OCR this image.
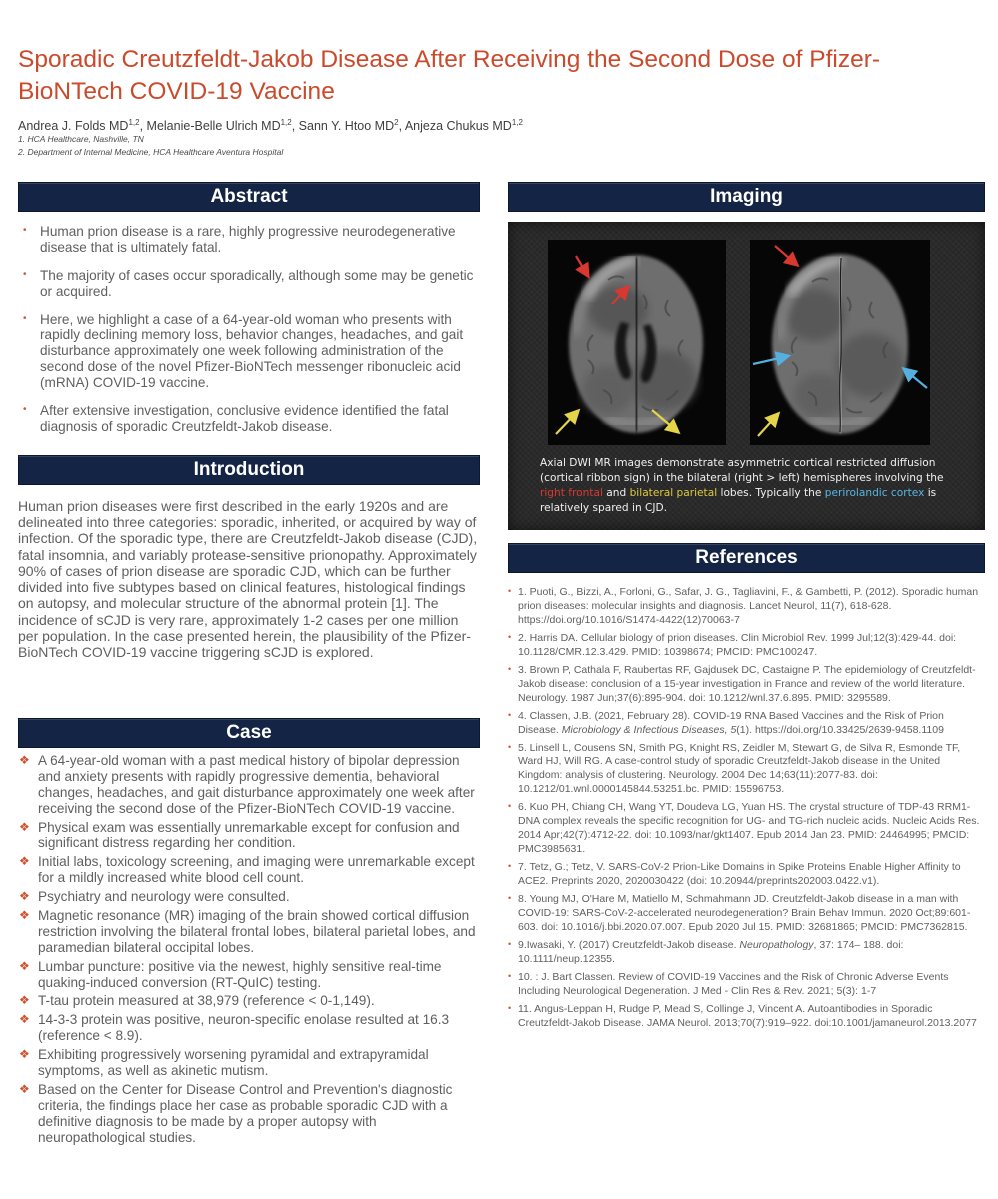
Sporadic Creutzfeldt-Jakob Disease After Receiving the Second Dose of Pfizer-BioNTech COVID-19 Vaccine
Andrea J. Folds MD$^{1,2}$, Melanie-Belle Ulrich MD$^{1,2}$, Sann Y. Htoo $MD^2$, Anjeza Chukus MD$^{1,2}$
1. HCA Healthcare, Nashville, TN
2. Department of Internal Medicine, HCA Healthcare Aventura Hospital
Abstract
• Human prion disease is a rare, highly progressive neurodegenerative disease that is ultimately fatal.
• The majority of cases occur sporadically, although some may be genetic or acquired.
• Here, we highlight a case of a 64-year-old woman who presents with rapidly declining memory loss, behavior changes, headaches, and gait disturbance approximately one week following administration of the second dose of the novel Pfizer-BioNTech messenger ribonucleic acid (mRNA) COVID-19 vaccine.
• After extensive investigation, conclusive evidence identified the fatal diagnosis of sporadic Creutzfeldt-Jakob disease.
Introduction

Human prion diseases were first described in the early 1920s and are delineated into three categories: sporadic, inherited, or acquired by way of infection. Of the sporadic type, there are Creutzfeldt-Jakob disease (CJD), fatal insomnia, and variably protease-sensitive prionopathy. Approximately 90% of cases of prion disease are sporadic CJD, which can be further divided into five subtypes based on clinical features, histological findings on autopsy, and molecular structure of the abnormal protein [1]. The incidence of sCJD is very rare, approximately 1-2 cases per one million per population. In the case presented herein, the plausibility of the Pfizer-BioNTech COVID-19 vaccine triggering sCJD is explored.

Case
❖ A 64-year-old woman with a past medical history of bipolar depression and anxiety presents with rapidly progressive dementia, behavioral changes, headaches, and gait disturbance approximately one week after receiving the second dose of the Pfizer-BioNTech COVID-19 vaccine.
❖ Physical exam was essentially unremarkable except for confusion and significant distress regarding her condition.
❖ Initial labs, toxicology screening, and imaging were unremarkable except for a mildly increased white blood cell count.
❖ Psychiatry and neurology were consulted.
❖ Magnetic resonance (MR) imaging of the brain showed cortical diffusion restriction involving the bilateral frontal lobes, bilateral parietal lobes, and paramedian bilateral occipital lobes.
❖ Lumbar puncture: positive via the newest, highly sensitive real-time quaking-induced conversion (RT-QuIC) testing.
❖ T-tau protein measured at 38,979 (reference < 0-1,149).
❖ 14-3-3 protein was positive, neuron-specific enolase resulted at 16.3 (reference < 8.9).
❖ Exhibiting progressively worsening pyramidal and extrapyramidal symptoms, as well as akinetic mutism.
❖ Based on the Center for Disease Control and Prevention's diagnostic criteria, the findings place her case as probable sporadic CJD with a definitive diagnosis to be made by a proper autopsy with neuropathological studies.
Imaging

Axial DWI MR images demonstrate asymmetric cortical restricted diffusion (cortical ribbon sign) in the bilateral (right > left) hemispheres involving the right frontal and bilateral parietal lobes. Typically the perirolandic cortex is relatively spared in CJD.

References
• 1. Puoti, G., Bizzi, A., Forloni, G., Safar, J. G., Tagliavini, F., & Gambetti, P. (2012). Sporadic human prion diseases: molecular insights and diagnosis. Lancet Neurol, 11(7), 618-628. https://doi.org/10.1016/S1474-4422(12)70063-7
• 2. Harris DA. Cellular biology of prion diseases. Clin Microbiol Rev. 1999 Jul;12(3):429-44. doi: 10.1128/CMR.12.3.429. PMID: 10398674; PMCID: PMC100247.
• 3. Brown P, Cathala F, Raubertas RF, Gajdusek DC, Castaigne P. The epidemiology of Creutzfeldt-Jakob disease: conclusion of a 15-year investigation in France and review of the world literature. Neurology. 1987 Jun;37(6):895-904. doi: 10.1212/wnl.37.6.895. PMID: 3295589.
• 4. Classen, J.B. (2021, February 28). COVID-19 RNA Based Vaccines and the Risk of Prion Disease. Microbiology & Infectious Diseases, 5(1). https://doi.org/10.33425/2639-9458.1109
• 5. Linsell L, Cousens SN, Smith PG, Knight RS, Zeidler M, Stewart G, de Silva R, Esmonde TF, Ward HJ, Will RG. A case-control study of sporadic Creutzfeldt-Jakob disease in the United Kingdom: analysis of clustering. Neurology. 2004 Dec 14;63(11):2077-83. doi: 10.1212/01.wnl.0000145844.53251.bc. PMID: 15596753.
• 6. Kuo PH, Chiang CH, Wang YT, Doudeva LG, Yuan HS. The crystal structure of TDP-43 RRM1-DNA complex reveals the specific recognition for UG- and TG-rich nucleic acids. Nucleic Acids Res. 2014 Apr;42(7):4712-22. doi: 10.1093/nar/gkt1407. Epub 2014 Jan 23. PMID: 24464995; PMCID: PMC3985631.
• 7. Tetz, G.; Tetz, V. SARS-CoV-2 Prion-Like Domains in Spike Proteins Enable Higher Affinity to ACE2. Preprints 2020, 2020030422 (doi: 10.20944/preprints202003.0422.v1).
• 8. Young MJ, O'Hare M, Matiello M, Schmahmann JD. Creutzfeldt-Jakob disease in a man with COVID-19: SARS-CoV-2-accelerated neurodegeneration? Brain Behav Immun. 2020 Oct;89:601-603. doi: 10.1016/j.bbi.2020.07.007. Epub 2020 Jul 15. PMID: 32681865; PMCID: PMC7362815.
• 9.Iwasaki, Y. (2017) Creutzfeldt-Jakob disease. Neuropathology, 37: 174– 188. doi: 10.1111/neup.12355.
• 10. : J. Bart Classen. Review of COVID-19 Vaccines and the Risk of Chronic Adverse Events Including Neurological Degeneration. J Med - Clin Res & Rev. 2021; 5(3): 1-7
• 11. Angus-Leppan H, Rudge P, Mead S, Collinge J, Vincent A. Autoantibodies in Sporadic Creutzfeldt-Jakob Disease. JAMA Neurol. 2013;70(7):919–922. doi:10.1001/jamaneurol.2013.2077
